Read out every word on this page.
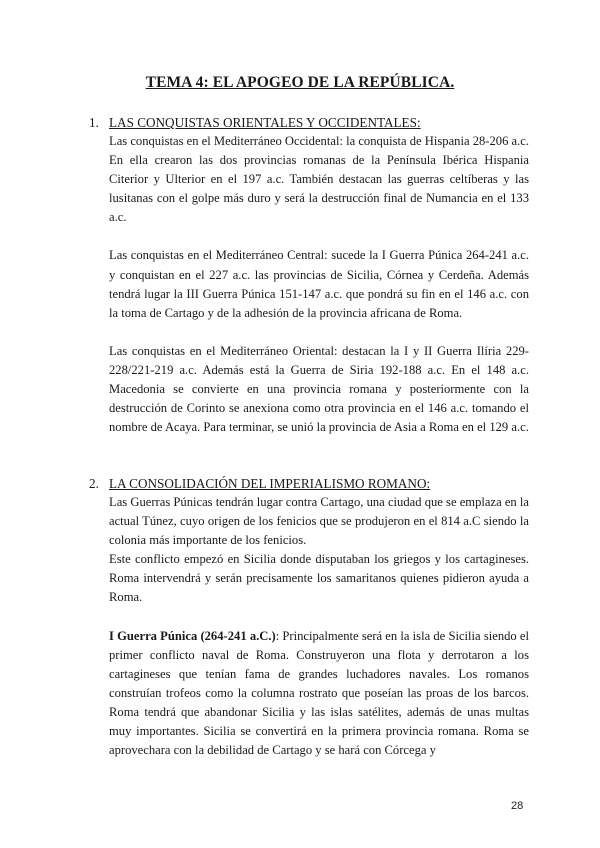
TEMA 4: EL APOGEO DE LA REPÚBLICA.
1. LAS CONQUISTAS ORIENTALES Y OCCIDENTALES:

Las conquistas en el Mediterráneo Occidental: la conquista de Hispania 28-206 a.c. En ella crearon las dos provincias romanas de la Península Ibérica Hispania Citerior y Ulterior en el 197 a.c. También destacan las guerras celtíberas y las lusitanas con el golpe más duro y será la destrucción final de Numancia en el 133 a.c.

Las conquistas en el Mediterráneo Central: sucede la I Guerra Púnica 264-241 a.c. y conquistan en el 227 a.c. las provincias de Sicilia, Córnea y Cerdeña. Además tendrá lugar la III Guerra Púnica 151-147 a.c. que pondrá su fin en el 146 a.c. con la toma de Cartago y de la adhesión de la provincia africana de Roma.

Las conquistas en el Mediterráneo Oriental: destacan la I y II Guerra Ilíria 229-228/221-219 a.c. Además está la Guerra de Siria 192-188 a.c. En el 148 a.c. Macedonia se convierte en una provincia romana y posteriormente con la destrucción de Corinto se anexiona como otra provincia en el 146 a.c. tomando el nombre de Acaya. Para terminar, se unió la provincia de Asia a Roma en el 129 a.c.

2. LA CONSOLIDACIÓN DEL IMPERIALISMO ROMANO:

Las Guerras Púnicas tendrán lugar contra Cartago, una ciudad que se emplaza en la actual Túnez, cuyo origen de los fenicios que se produjeron en el 814 a.C siendo la colonia más importante de los fenicios.

Este conflicto empezó en Sicilia donde disputaban los griegos y los cartagineses. Roma intervendrá y serán precisamente los samaritanos quienes pidieron ayuda a Roma.

I Guerra Púnica (264-241 a.C.): Principalmente será en la isla de Sicilia siendo el primer conflicto naval de Roma. Construyeron una flota y derrotaron a los cartagineses que tenían fama de grandes luchadores navales. Los romanos construían trofeos como la columna rostrato que poseían las proas de los barcos. Roma tendrá que abandonar Sicilia y las islas satélites, además de unas multas muy importantes. Sicilia se convertirá en la primera provincia romana. Roma se aprovechara con la debilidad de Cartago y se hará con Córcega y

28
